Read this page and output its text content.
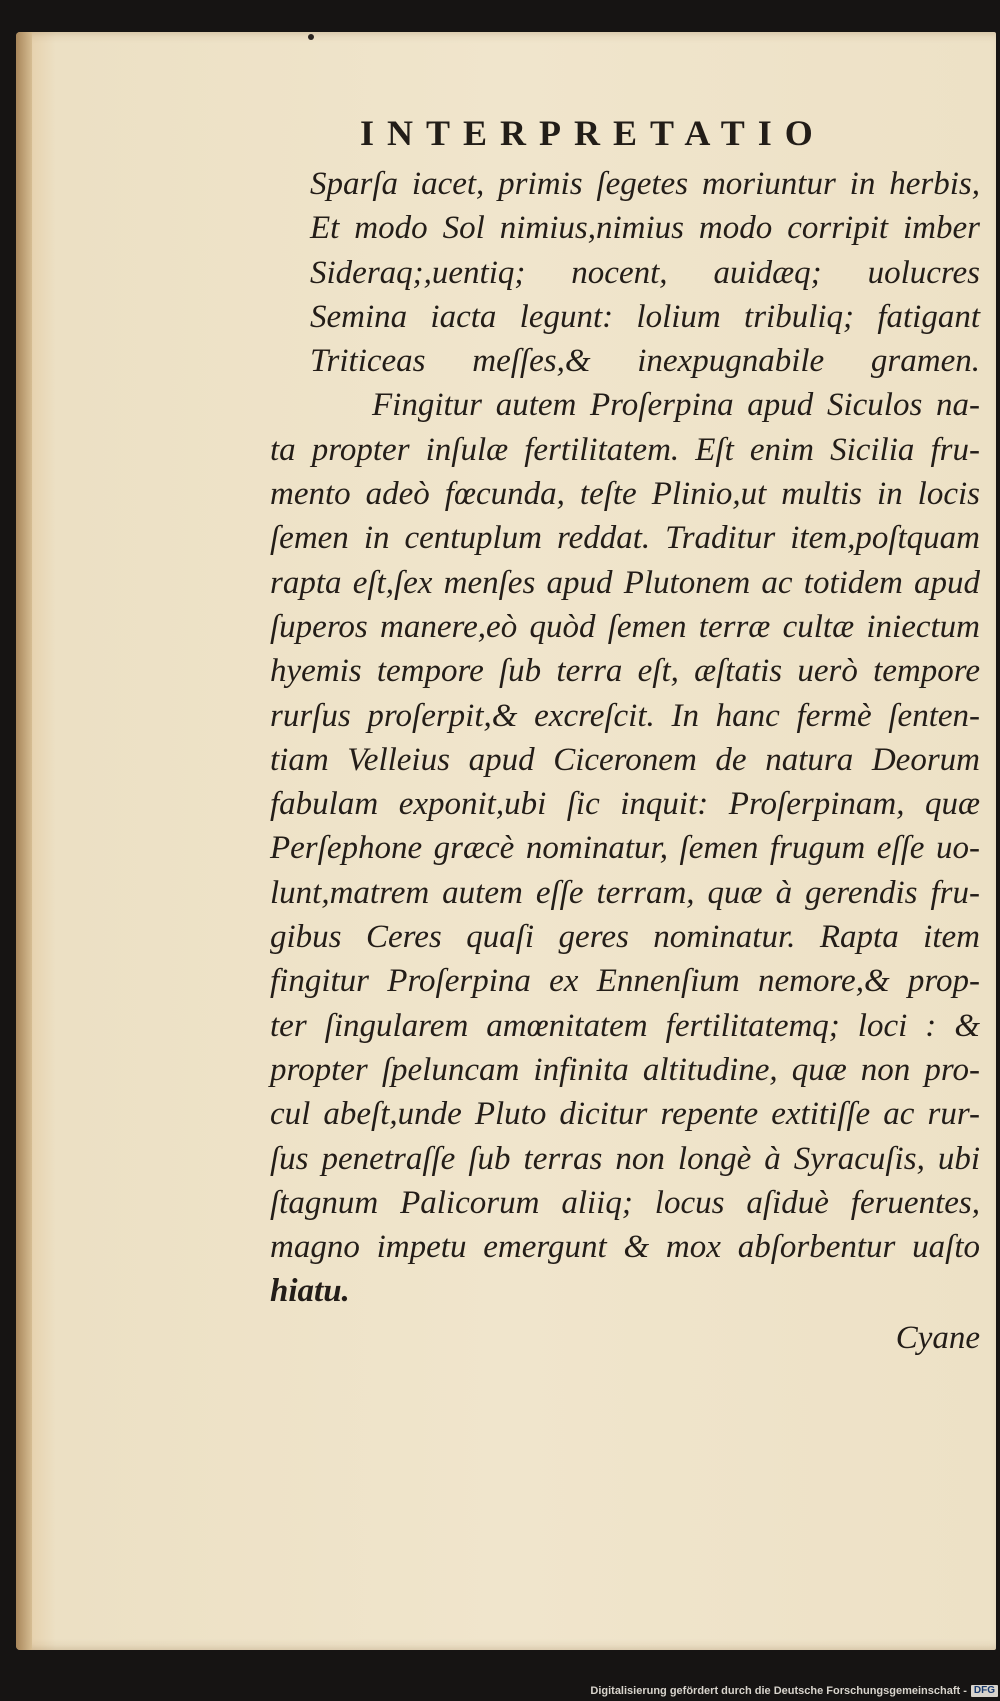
INTERPRETATIO
Sparſa iacet, primis ſegetes moriuntur in herbis,
Et modo Sol nimius,nimius modo corripit imber
Sideraq;,uentiq; nocent, auidæq; uolucres
Semina iacta legunt: lolium tribuliq; fatigant
Triticeas meſſes,& inexpugnabile gramen.
Fingitur autem Proſerpina apud Siculos na-
ta propter inſulæ fertilitatem. Eſt enim Sicilia fru-
mento adeò fœcunda, teſte Plinio,ut multis in locis
ſemen in centuplum reddat. Traditur item,poſtquam
rapta eſt,ſex menſes apud Plutonem ac totidem apud
ſuperos manere,eò quòd ſemen terræ cultæ iniectum
hyemis tempore ſub terra eſt, æſtatis uerò tempore
rurſus proſerpit,& excreſcit. In hanc fermè ſenten-
tiam Velleius apud Ciceronem de natura Deorum
fabulam exponit,ubi ſic inquit: Proſerpinam, quæ
Perſephone græcè nominatur, ſemen frugum eſſe uo-
lunt,matrem autem eſſe terram, quæ à gerendis fru-
gibus Ceres quaſi geres nominatur. Rapta item
fingitur Proſerpina ex Ennenſium nemore,& prop-
ter ſingularem amœnitatem fertilitatemq; loci : &
propter ſpeluncam infinita altitudine, quæ non pro-
cul abeſt,unde Pluto dicitur repente extitiſſe ac rur-
ſus penetraſſe ſub terras non longè à Syracuſis, ubi
ſtagnum Palicorum aliiq; locus aſiduè feruentes,
magno impetu emergunt & mox abſorbentur uaſto
hiatu.
Cyane
Digitalisierung gefördert durch die Deutsche Forschungsgemeinschaft - DFG
